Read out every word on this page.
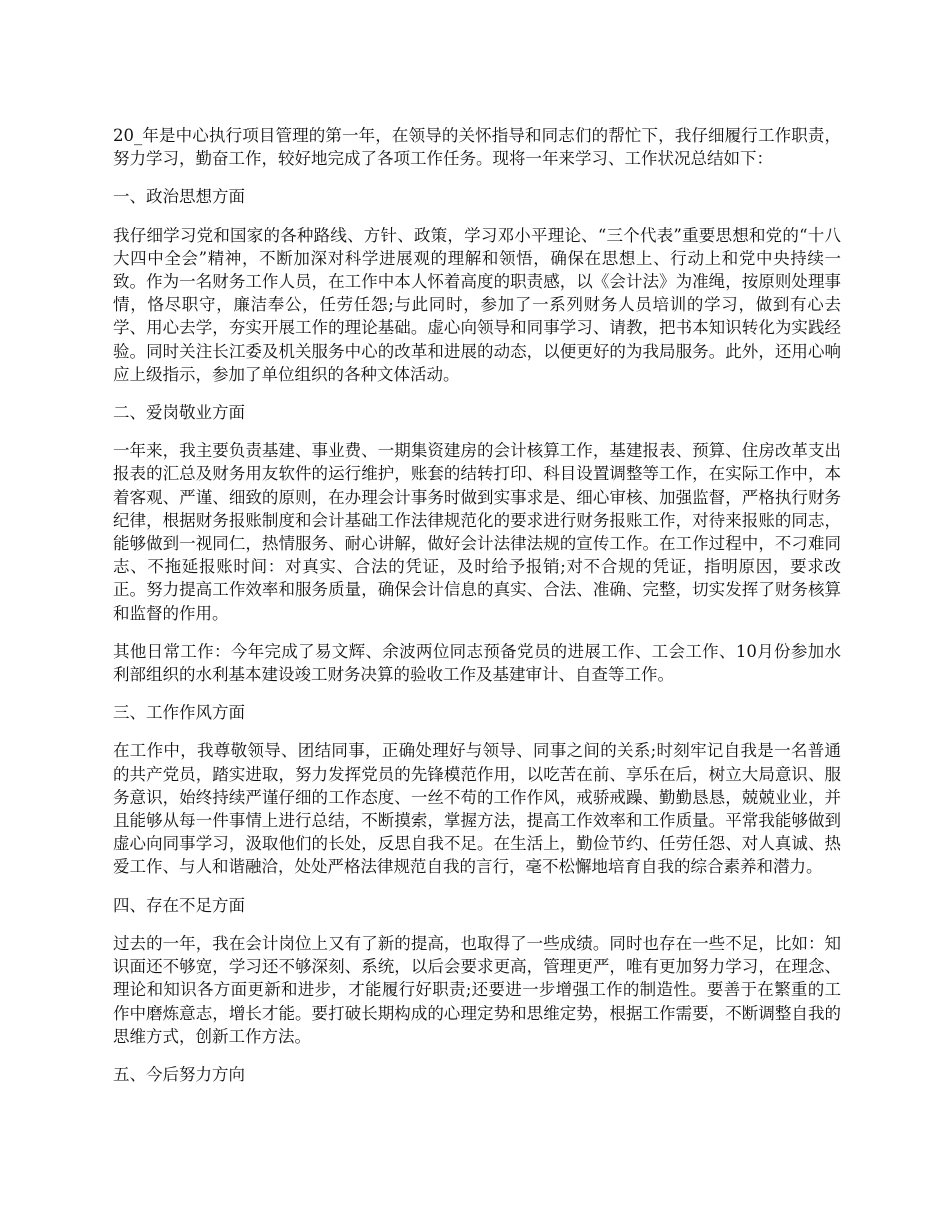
20_年是中心执行项目管理的第一年，在领导的关怀指导和同志们的帮忙下，我仔细履行工作职责，努力学习，勤奋工作，较好地完成了各项工作任务。现将一年来学习、工作状况总结如下：

一、政治思想方面

我仔细学习党和国家的各种路线、方针、政策，学习邓小平理论、“三个代表”重要思想和党的“十八大四中全会”精神，不断加深对科学进展观的理解和领悟，确保在思想上、行动上和党中央持续一致。作为一名财务工作人员，在工作中本人怀着高度的职责感，以《会计法》为准绳，按原则处理事情，恪尽职守，廉洁奉公，任劳任怨;与此同时，参加了一系列财务人员培训的学习，做到有心去学、用心去学，夯实开展工作的理论基础。虚心向领导和同事学习、请教，把书本知识转化为实践经验。同时关注长江委及机关服务中心的改革和进展的动态，以便更好的为我局服务。此外，还用心响应上级指示，参加了单位组织的各种文体活动。

二、爱岗敬业方面

一年来，我主要负责基建、事业费、一期集资建房的会计核算工作，基建报表、预算、住房改革支出报表的汇总及财务用友软件的运行维护，账套的结转打印、科目设置调整等工作，在实际工作中，本着客观、严谨、细致的原则，在办理会计事务时做到实事求是、细心审核、加强监督，严格执行财务纪律，根据财务报账制度和会计基础工作法律规范化的要求进行财务报账工作，对待来报账的同志，能够做到一视同仁，热情服务、耐心讲解，做好会计法律法规的宣传工作。在工作过程中，不刁难同志、不拖延报账时间：对真实、合法的凭证，及时给予报销;对不合规的凭证，指明原因，要求改正。努力提高工作效率和服务质量，确保会计信息的真实、合法、准确、完整，切实发挥了财务核算和监督的作用。

其他日常工作：今年完成了易文辉、余波两位同志预备党员的进展工作、工会工作、10月份参加水利部组织的水利基本建设竣工财务决算的验收工作及基建审计、自查等工作。

三、工作作风方面

在工作中，我尊敬领导、团结同事，正确处理好与领导、同事之间的关系;时刻牢记自我是一名普通的共产党员，踏实进取，努力发挥党员的先锋模范作用，以吃苦在前、享乐在后，树立大局意识、服务意识，始终持续严谨仔细的工作态度、一丝不苟的工作作风，戒骄戒躁、勤勤恳恳，兢兢业业，并且能够从每一件事情上进行总结，不断摸索，掌握方法，提高工作效率和工作质量。平常我能够做到虚心向同事学习，汲取他们的长处，反思自我不足。在生活上，勤俭节约、任劳任怨、对人真诚、热爱工作、与人和谐融洽，处处严格法律规范自我的言行，毫不松懈地培育自我的综合素养和潜力。

四、存在不足方面

过去的一年，我在会计岗位上又有了新的提高，也取得了一些成绩。同时也存在一些不足，比如：知识面还不够宽，学习还不够深刻、系统，以后会要求更高，管理更严，唯有更加努力学习，在理念、理论和知识各方面更新和进步，才能履行好职责;还要进一步增强工作的制造性。要善于在繁重的工作中磨炼意志，增长才能。要打破长期构成的心理定势和思维定势，根据工作需要，不断调整自我的思维方式，创新工作方法。

五、今后努力方向
